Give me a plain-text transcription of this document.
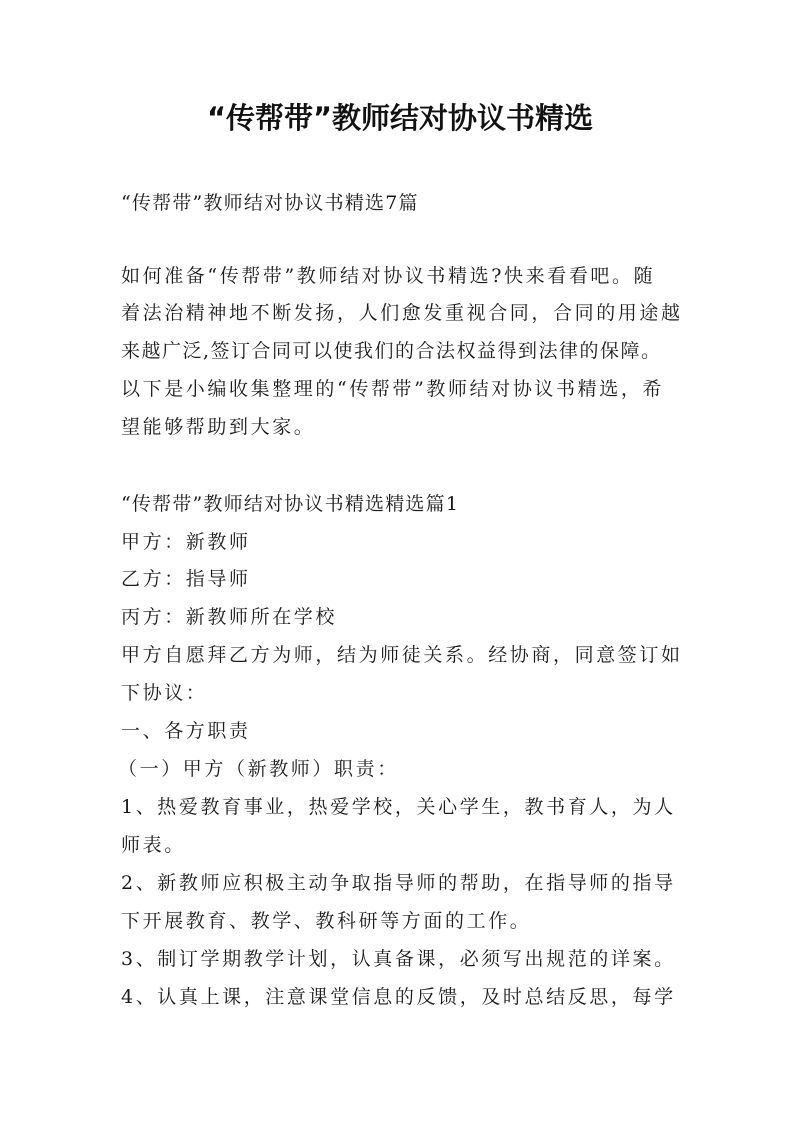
“传帮带”教师结对协议书精选

“传帮带”教师结对协议书精选7篇

如何准备“传帮带”教师结对协议书精选?快来看看吧。随

着法治精神地不断发扬，人们愈发重视合同，合同的用途越

来越广泛,签订合同可以使我们的合法权益得到法律的保障。

以下是小编收集整理的“传帮带”教师结对协议书精选，希

望能够帮助到大家。

“传帮带”教师结对协议书精选精选篇1

甲方：新教师

乙方：指导师

丙方：新教师所在学校

甲方自愿拜乙方为师，结为师徒关系。经协商，同意签订如

下协议：

一、各方职责

（一）甲方（新教师）职责：

1、热爱教育事业，热爱学校，关心学生，教书育人，为人

师表。

2、新教师应积极主动争取指导师的帮助，在指导师的指导

下开展教育、教学、教科研等方面的工作。

3、制订学期教学计划，认真备课，必须写出规范的详案。

4、认真上课，注意课堂信息的反馈，及时总结反思，每学
